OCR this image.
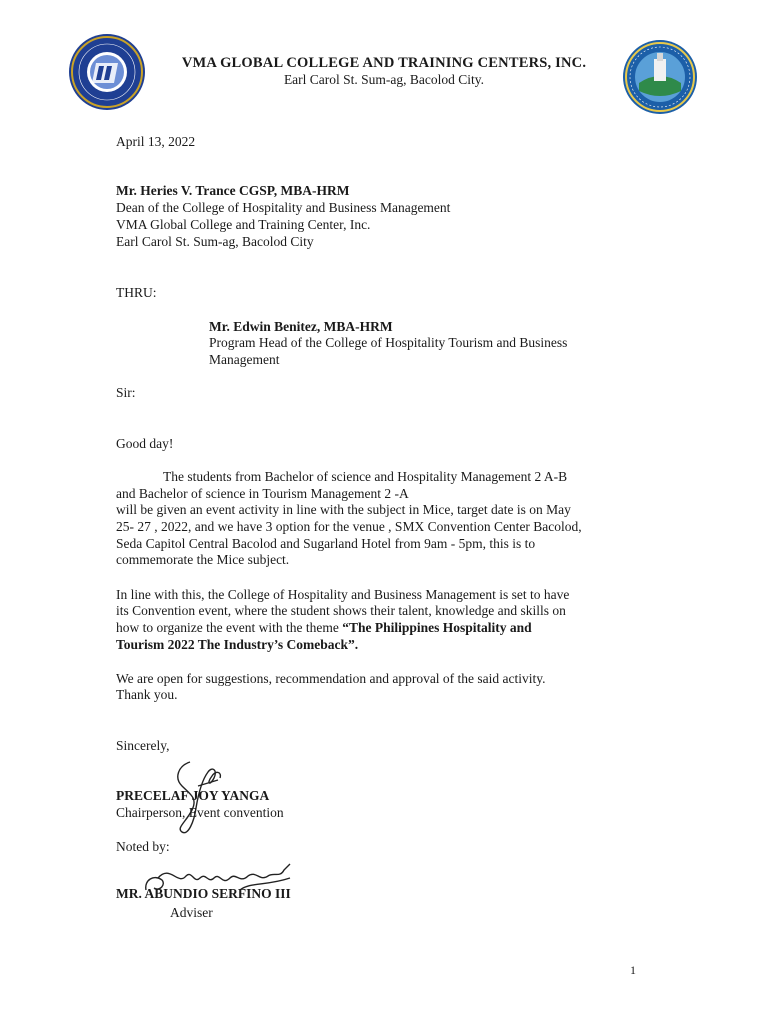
VMA GLOBAL COLLEGE AND TRAINING CENTERS, INC.
Earl Carol St. Sum-ag, Bacolod City.
April 13, 2022
Mr. Heries V. Trance CGSP, MBA-HRM
Dean of the College of Hospitality and Business Management
VMA Global College and Training Center, Inc.
Earl Carol St. Sum-ag, Bacolod City
THRU:
Mr. Edwin Benitez, MBA-HRM
Program Head of the College of Hospitality Tourism and Business
Management
Sir:
Good day!
The students from Bachelor of science and Hospitality Management 2 A-B
and Bachelor of science in Tourism Management 2 -A
will be given an event activity in line with the subject in Mice, target date is on May
25- 27 , 2022, and we have 3 option for the venue , SMX Convention Center Bacolod,
Seda Capitol Central Bacolod and Sugarland Hotel from 9am - 5pm, this is to
commemorate the Mice subject.
In line with this, the College of Hospitality and Business Management is set to have
its Convention event, where the student shows their talent, knowledge and skills on
how to organize the event with the theme “The Philippines Hospitality and
Tourism 2022 The Industry’s Comeback”.
We are open for suggestions, recommendation and approval of the said activity.
Thank you.
Sincerely,
PRECELAF JOY YANGA
Chairperson, Event convention
Noted by:
MR. ABUNDIO SERFINO III
Adviser
1
